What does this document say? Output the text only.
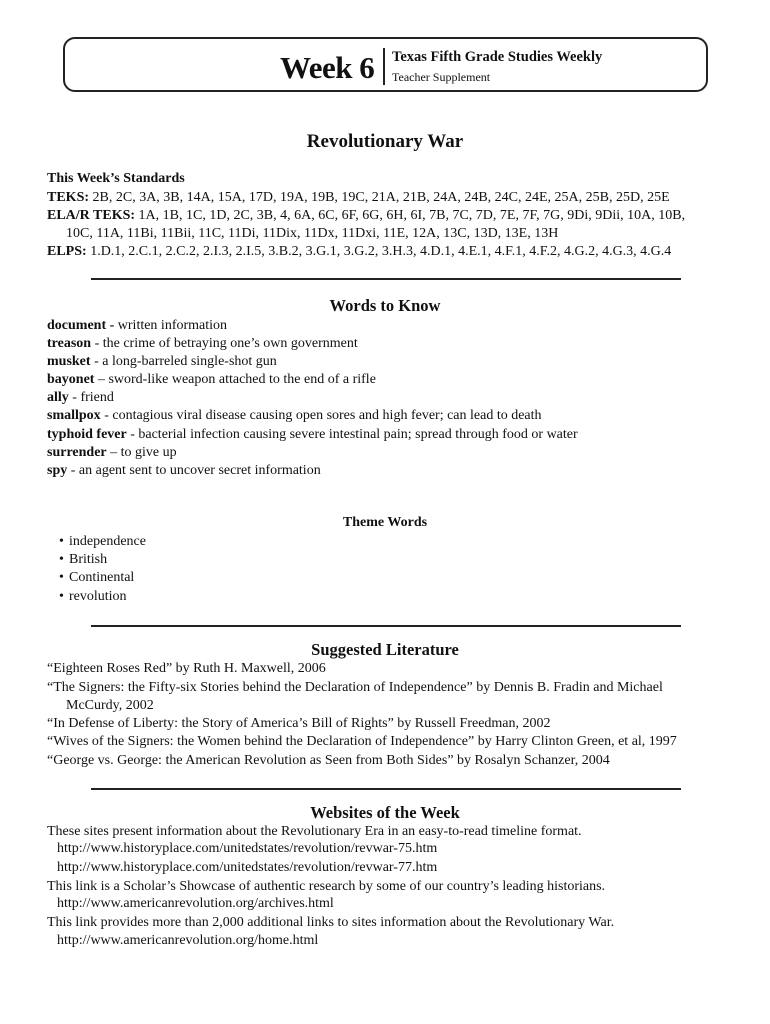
Week 6 Texas Fifth Grade Studies Weekly
Teacher Supplement
Revolutionary War
This Week’s Standards
TEKS: 2B, 2C, 3A, 3B, 14A, 15A, 17D, 19A, 19B, 19C, 21A, 21B, 24A, 24B, 24C, 24E, 25A, 25B, 25D, 25E
ELA/R TEKS: 1A, 1B, 1C, 1D, 2C, 3B, 4, 6A, 6C, 6F, 6G, 6H, 6I, 7B, 7C, 7D, 7E, 7F, 7G, 9Di, 9Dii, 10A, 10B,
10C, 11A, 11Bi, 11Bii, 11C, 11Di, 11Dix, 11Dx, 11Dxi, 11E, 12A, 13C, 13D, 13E, 13H
ELPS: 1.D.1, 2.C.1, 2.C.2, 2.I.3, 2.I.5, 3.B.2, 3.G.1, 3.G.2, 3.H.3, 4.D.1, 4.E.1, 4.F.1, 4.F.2, 4.G.2, 4.G.3, 4.G.4
Words to Know
document - written information
treason - the crime of betraying one’s own government
musket - a long-barreled single-shot gun
bayonet – sword-like weapon attached to the end of a rifle
ally - friend
smallpox - contagious viral disease causing open sores and high fever; can lead to death
typhoid fever - bacterial infection causing severe intestinal pain; spread through food or water
surrender – to give up
spy - an agent sent to uncover secret information
Theme Words
• independence
• British
• Continental
• revolution
Suggested Literature
“Eighteen Roses Red” by Ruth H. Maxwell, 2006
“The Signers: the Fifty-six Stories behind the Declaration of Independence” by Dennis B. Fradin and Michael
McCurdy, 2002
“In Defense of Liberty: the Story of America’s Bill of Rights” by Russell Freedman, 2002
“Wives of the Signers: the Women behind the Declaration of Independence” by Harry Clinton Green, et al, 1997
“George vs. George: the American Revolution as Seen from Both Sides” by Rosalyn Schanzer, 2004
Websites of the Week
These sites present information about the Revolutionary Era in an easy-to-read timeline format.
http://www.historyplace.com/unitedstates/revolution/revwar-75.htm
http://www.historyplace.com/unitedstates/revolution/revwar-77.htm
This link is a Scholar’s Showcase of authentic research by some of our country’s leading historians.
http://www.americanrevolution.org/archives.html
This link provides more than 2,000 additional links to sites information about the Revolutionary War.
http://www.americanrevolution.org/home.html
